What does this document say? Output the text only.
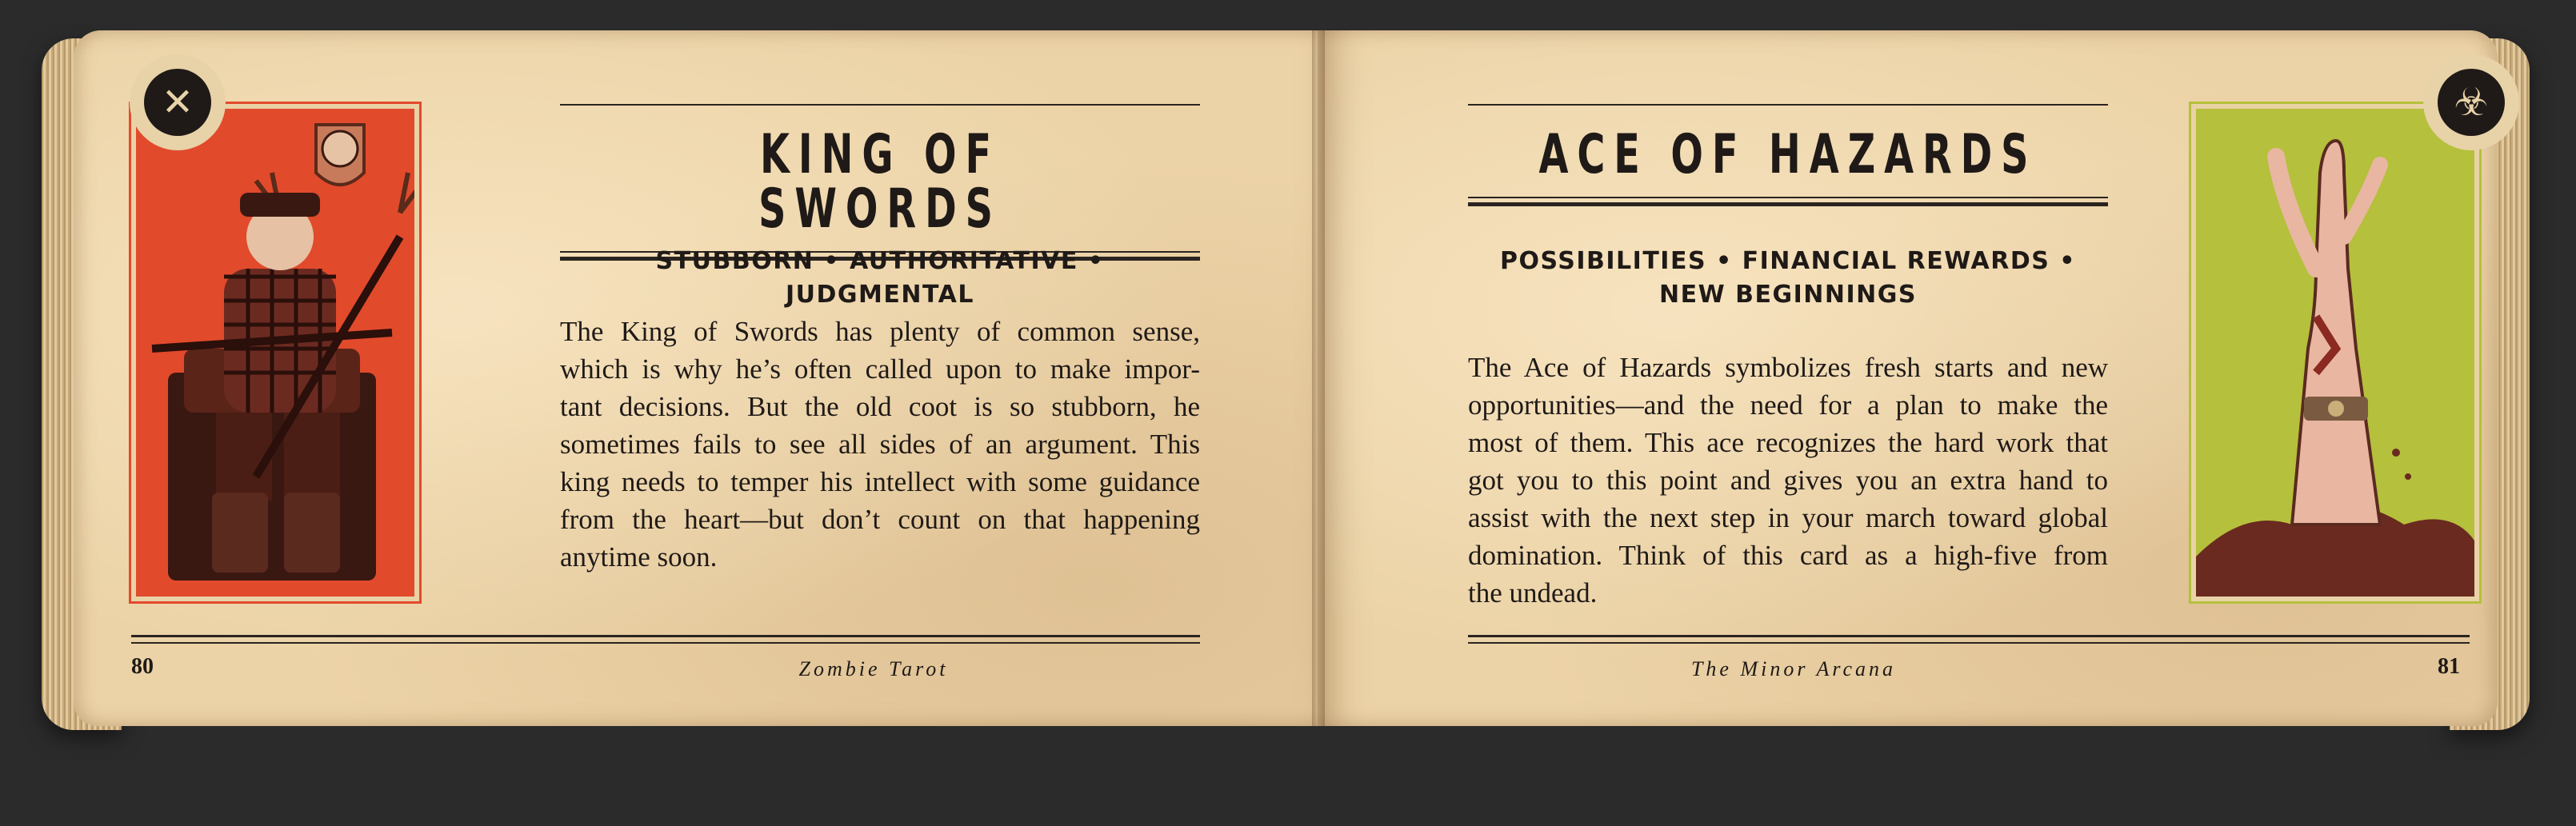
✕
KING OF SWORDS
STUBBORN • AUTHORITATIVE • JUDGMENTAL
The King of Swords has plenty of common sense,
which is why he’s often called upon to make impor-
tant decisions. But the old coot is so stubborn, he
sometimes fails to see all sides of an argument. This
king needs to temper his intellect with some guidance
from the heart—but don’t count on that happening
anytime soon.
80	Zombie Tarot
ACE OF HAZARDS
POSSIBILITIES • FINANCIAL REWARDS •
NEW BEGINNINGS
The Ace of Hazards symbolizes fresh starts and new
opportunities—and the need for a plan to make the
most of them. This ace recognizes the hard work that
got you to this point and gives you an extra hand to
assist with the next step in your march toward global
domination. Think of this card as a high-five from
the undead.
☣
The Minor Arcana	81
